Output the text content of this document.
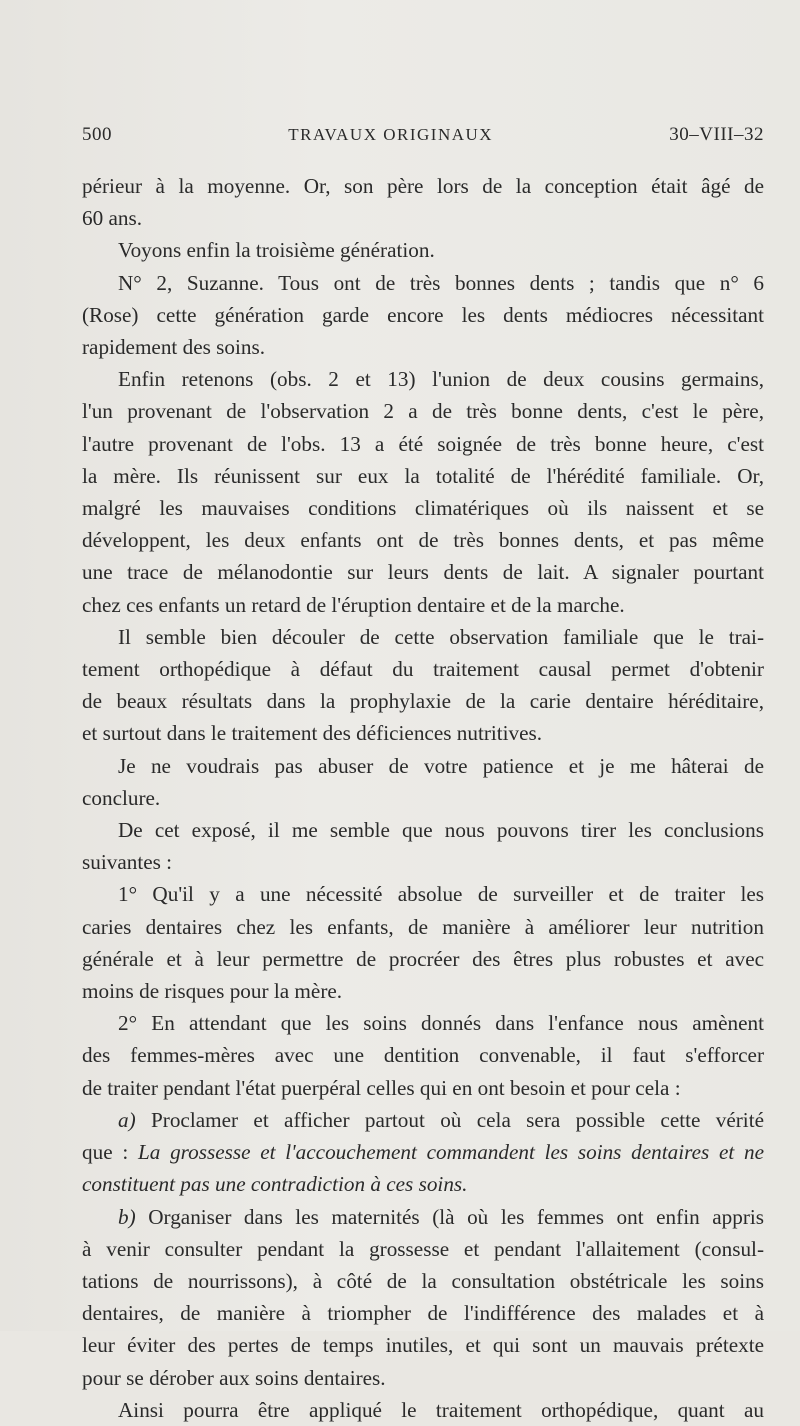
500	TRAVAUX ORIGINAUX	30–VIII–32

périeur à la moyenne. Or, son père lors de la conception était âgé de

60 ans.

Voyons enfin la troisième génération.

N° 2, Suzanne. Tous ont de très bonnes dents ; tandis que n° 6

(Rose) cette génération garde encore les dents médiocres nécessitant

rapidement des soins.

Enfin retenons (obs. 2 et 13) l'union de deux cousins germains,

l'un provenant de l'observation 2 a de très bonne dents, c'est le père,

l'autre provenant de l'obs. 13 a été soignée de très bonne heure, c'est

la mère. Ils réunissent sur eux la totalité de l'hérédité familiale. Or,

malgré les mauvaises conditions climatériques où ils naissent et se

développent, les deux enfants ont de très bonnes dents, et pas même

une trace de mélanodontie sur leurs dents de lait. A signaler pourtant

chez ces enfants un retard de l'éruption dentaire et de la marche.

Il semble bien découler de cette observation familiale que le trai-

tement orthopédique à défaut du traitement causal permet d'obtenir

de beaux résultats dans la prophylaxie de la carie dentaire héréditaire,

et surtout dans le traitement des déficiences nutritives.

Je ne voudrais pas abuser de votre patience et je me hâterai de

conclure.

De cet exposé, il me semble que nous pouvons tirer les conclusions

suivantes :

1° Qu'il y a une nécessité absolue de surveiller et de traiter les

caries dentaires chez les enfants, de manière à améliorer leur nutrition

générale et à leur permettre de procréer des êtres plus robustes et avec

moins de risques pour la mère.

2° En attendant que les soins donnés dans l'enfance nous amènent

des femmes-mères avec une dentition convenable, il faut s'efforcer

de traiter pendant l'état puerpéral celles qui en ont besoin et pour cela :

a) Proclamer et afficher partout où cela sera possible cette vérité

que : La grossesse et l'accouchement commandent les soins dentaires et ne

constituent pas une contradiction à ces soins.

b) Organiser dans les maternités (là où les femmes ont enfin appris

à venir consulter pendant la grossesse et pendant l'allaitement (consul-

tations de nourrissons), à côté de la consultation obstétricale les soins

dentaires, de manière à triompher de l'indifférence des malades et à

leur éviter des pertes de temps inutiles, et qui sont un mauvais prétexte

pour se dérober aux soins dentaires.

Ainsi pourra être appliqué le traitement orthopédique, quant au
